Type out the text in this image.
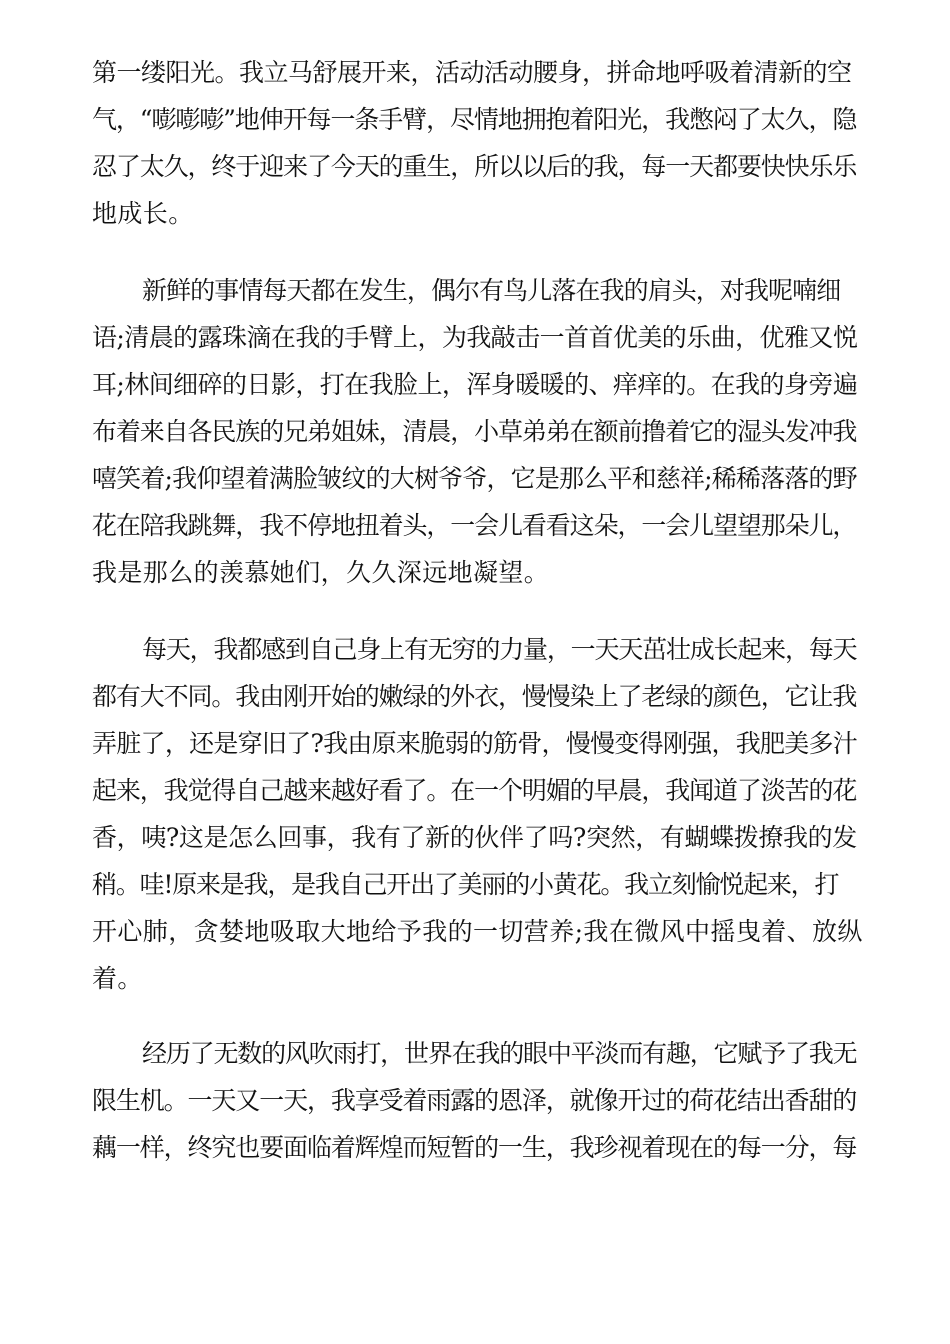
第一缕阳光。我立马舒展开来，活动活动腰身，拼命地呼吸着清新的空
气，“嘭嘭嘭”地伸开每一条手臂，尽情地拥抱着阳光，我憋闷了太久，隐
忍了太久，终于迎来了今天的重生，所以以后的我，每一天都要快快乐乐
地成长。
新鲜的事情每天都在发生，偶尔有鸟儿落在我的肩头，对我呢喃细
语;清晨的露珠滴在我的手臂上，为我敲击一首首优美的乐曲，优雅又悦
耳;林间细碎的日影，打在我脸上，浑身暖暖的、痒痒的。在我的身旁遍
布着来自各民族的兄弟姐妹，清晨，小草弟弟在额前撸着它的湿头发冲我
嘻笑着;我仰望着满脸皱纹的大树爷爷，它是那么平和慈祥;稀稀落落的野
花在陪我跳舞，我不停地扭着头，一会儿看看这朵，一会儿望望那朵儿，
我是那么的羡慕她们，久久深远地凝望。
每天，我都感到自己身上有无穷的力量，一天天茁壮成长起来，每天
都有大不同。我由刚开始的嫩绿的外衣，慢慢染上了老绿的颜色，它让我
弄脏了，还是穿旧了?我由原来脆弱的筋骨，慢慢变得刚强，我肥美多汁
起来，我觉得自己越来越好看了。在一个明媚的早晨，我闻道了淡苦的花
香，咦?这是怎么回事，我有了新的伙伴了吗?突然，有蝴蝶拨撩我的发
稍。哇!原来是我，是我自己开出了美丽的小黄花。我立刻愉悦起来，打
开心肺，贪婪地吸取大地给予我的一切营养;我在微风中摇曳着、放纵
着。
经历了无数的风吹雨打，世界在我的眼中平淡而有趣，它赋予了我无
限生机。一天又一天，我享受着雨露的恩泽，就像开过的荷花结出香甜的
藕一样，终究也要面临着辉煌而短暂的一生，我珍视着现在的每一分，每
